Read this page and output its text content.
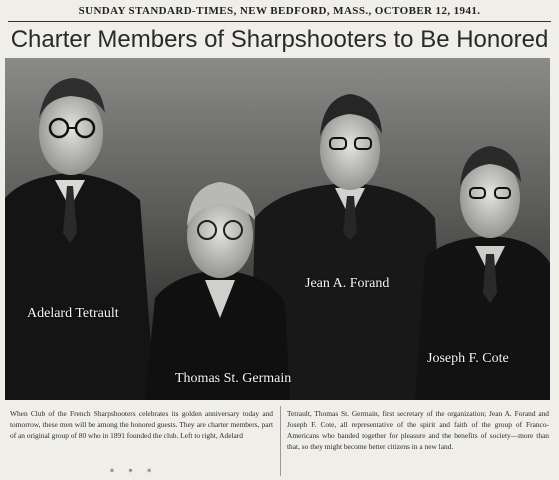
SUNDAY STANDARD-TIMES, NEW BEDFORD, MASS., OCTOBER 12, 1941.
Charter Members of Sharpshooters to Be Honored
Adelard Tetrault
Thomas St. Germain
Jean A. Forand
Joseph F. Cote
When Club of the French Sharpshooters celebrates its golden anniversary today and tomorrow, these men will be among the honored guests. They are charter members, part of an original group of 80 who in 1891 founded the club. Left to right, Adelard
Tetrault, Thomas St. Germain, first secretary of the organization; Jean A. Forand and Joseph F. Cote, all representative of the spirit and faith of the group of Franco-Americans who banded together for pleasure and the benefits of society—more than that, so they might become better citizens in a new land.
* * *
